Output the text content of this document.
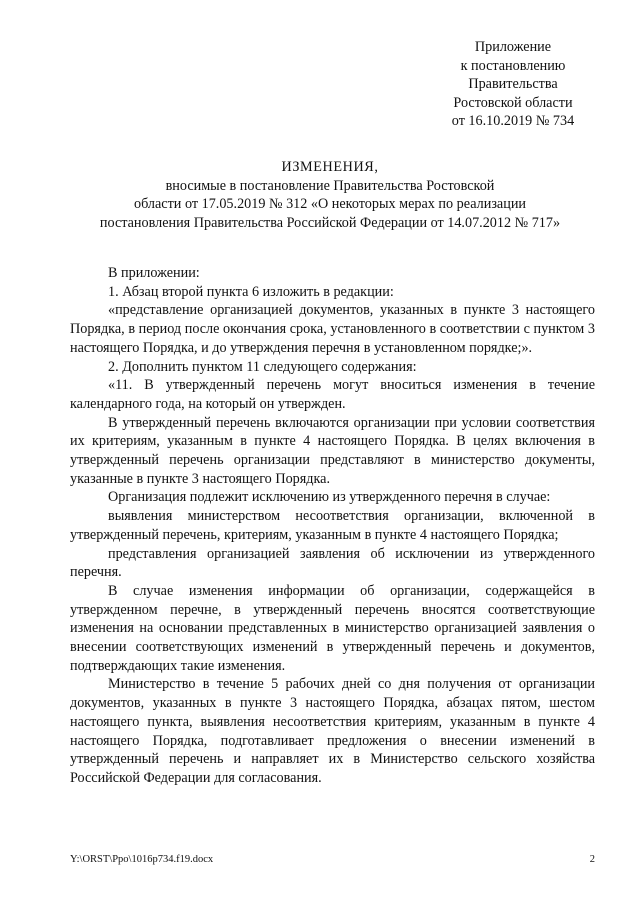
Приложение
к постановлению
Правительства
Ростовской области
от 16.10.2019 № 734
ИЗМЕНЕНИЯ,
вносимые в постановление Правительства Ростовской
области от 17.05.2019 № 312 «О некоторых мерах по реализации
постановления Правительства Российской Федерации от 14.07.2012 № 717»

В приложении:

1. Абзац второй пункта 6 изложить в редакции:

«представление организацией документов, указанных в пункте 3 настоящего Порядка, в период после окончания срока, установленного в соответствии с пунктом 3 настоящего Порядка, и до утверждения перечня в установленном порядке;».

2. Дополнить пунктом 11 следующего содержания:

«11. В утвержденный перечень могут вноситься изменения в течение календарного года, на который он утвержден.

В утвержденный перечень включаются организации при условии соответствия их критериям, указанным в пункте 4 настоящего Порядка. В целях включения в утвержденный перечень организации представляют в министерство документы, указанные в пункте 3 настоящего Порядка.

Организация подлежит исключению из утвержденного перечня в случае:

выявления министерством несоответствия организации, включенной в утвержденный перечень, критериям, указанным в пункте 4 настоящего Порядка;

представления организацией заявления об исключении из утвержденного перечня.

В случае изменения информации об организации, содержащейся в утвержденном перечне, в утвержденный перечень вносятся соответствующие изменения на основании представленных в министерство организацией заявления о внесении соответствующих изменений в утвержденный перечень и документов, подтверждающих такие изменения.

Министерство в течение 5 рабочих дней со дня получения от организации документов, указанных в пункте 3 настоящего Порядка, абзацах пятом, шестом настоящего пункта, выявления несоответствия критериям, указанным в пункте 4 настоящего Порядка, подготавливает предложения о внесении изменений в утвержденный перечень и направляет их в Министерство сельского хозяйства Российской Федерации для согласования.

Y:\ORST\Ppo\1016p734.f19.docx	2
